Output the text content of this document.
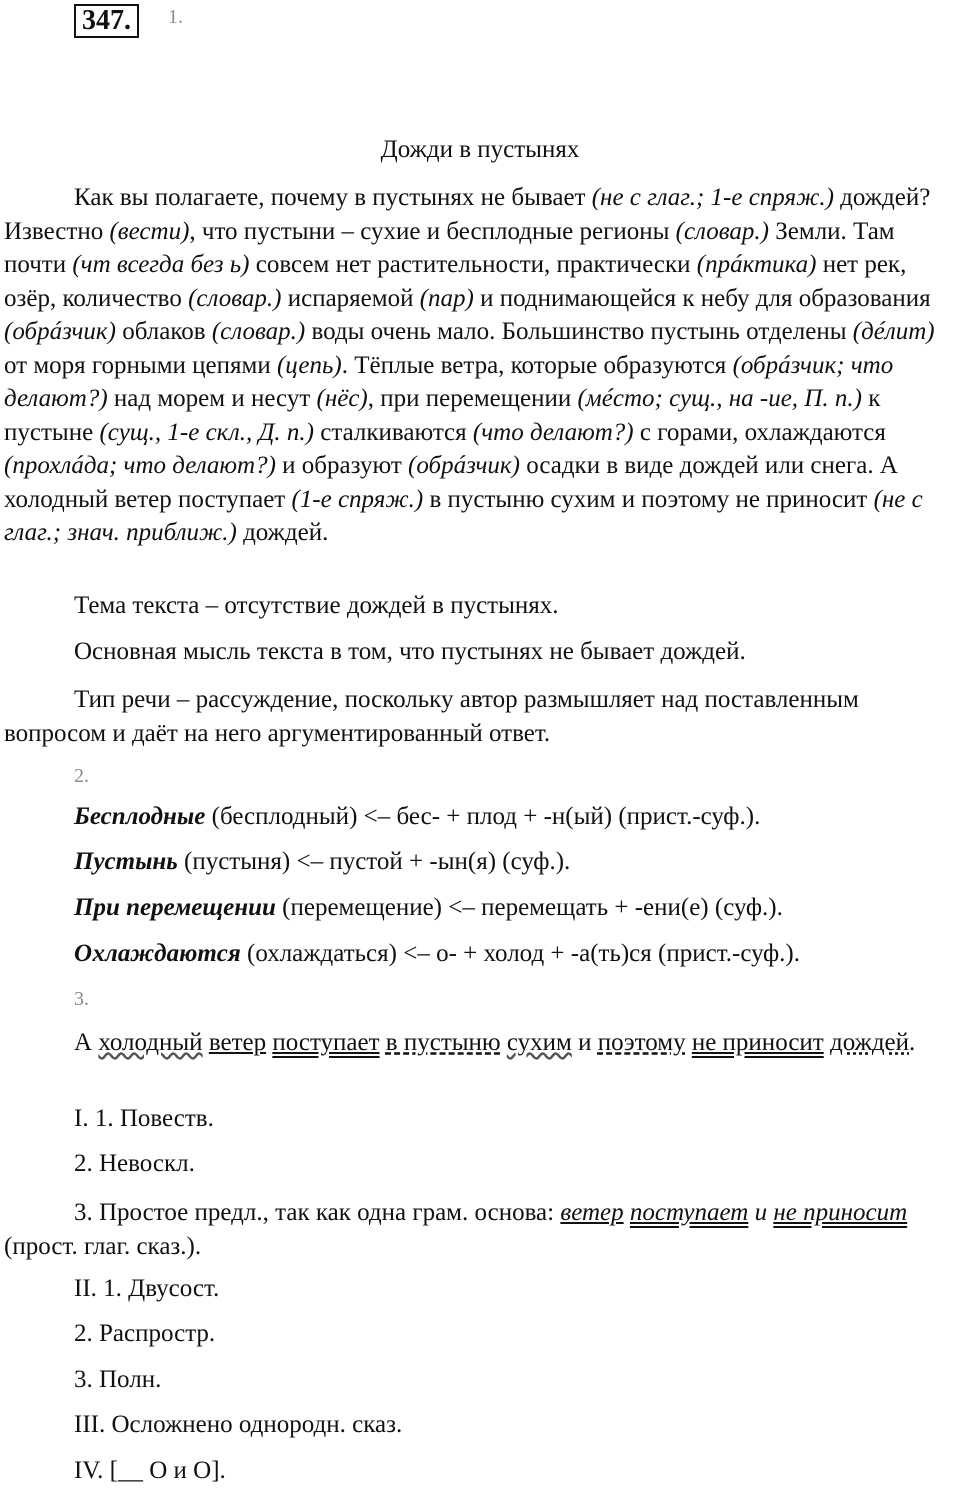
347.	1.
Дожди в пустынях
Как вы полагаете, почему в пустынях не бывает (не с глаг.; 1-е спряж.) дождей? Известно (вести), что пустыни – сухие и бесплодные регионы (словар.) Земли. Там почти (чт всегда без ь) совсем нет растительности, практически (прáктика) нет рек, озёр, количество (словар.) испаряемой (пар) и поднимающейся к небу для образования (обрáзчик) облаков (словар.) воды очень мало. Большинство пустынь отделены (дéлит) от моря горными цепями (цепь). Тёплые ветра, которые образуются (обрáзчик; что делают?) над морем и несут (нёс), при перемещении (мéсто; сущ., на -ие, П. п.) к пустыне (сущ., 1-е скл., Д. п.) сталкиваются (что делают?) с горами, охлаждаются (прохлáда; что делают?) и образуют (обрáзчик) осадки в виде дождей или снега. А холодный ветер поступает (1-е спряж.) в пустыню сухим и поэтому не приносит (не с глаг.; знач. приближ.) дождей.
Тема текста – отсутствие дождей в пустынях.
Основная мысль текста в том, что пустынях не бывает дождей.
Тип речи – рассуждение, поскольку автор размышляет над поставленным вопросом и даёт на него аргументированный ответ.
2.
Бесплодные (бесплодный) <– бес- + плод + -н(ый) (прист.-суф.).
Пустынь (пустыня) <– пустой + -ын(я) (суф.).
При перемещении (перемещение) <– перемещать + -ени(е) (суф.).
Охлаждаются (охлаждаться) <– о- + холод + -а(ть)ся (прист.-суф.).
3.
А холодный ветер поступает в пустыню сухим и поэтому не приносит дождей.
I. 1. Повеств.
2. Невоскл.
3. Простое предл., так как одна грам. основа: ветер поступает и не приносит (прост. глаг. сказ.).
II. 1. Двусост.
2. Распростр.
3. Полн.
III. Осложнено однородн. сказ.
IV. [__ О и О].
